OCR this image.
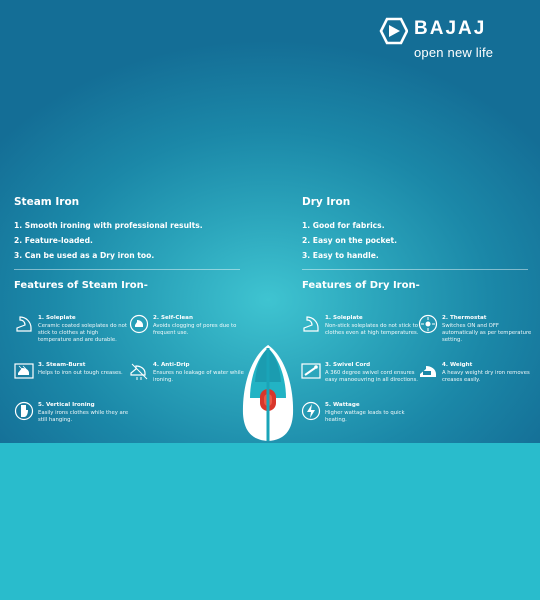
BAJAJ
open new life
Steam Iron
1. Smooth ironing with professional results.
2. Feature-loaded.
3. Can be used as a Dry iron too.
Features of Steam Iron-
1. Soleplate
Ceramic coated soleplates do not stick to clothes at high temperature and are durable.
2. Self-Clean
Avoids clogging of pores due to frequent use.
3. Steam-Burst
Helps to iron out tough creases.
4. Anti-Drip
Ensures no leakage of water while ironing.
5. Vertical Ironing
Easily irons clothes while they are still hanging.
Dry Iron
1. Good for fabrics.
2. Easy on the pocket.
3. Easy to handle.
Features of Dry Iron-
1. Soleplate
Non-stick soleplates do not stick to clothes even at high temperatures.
2. Thermostat
Switches ON and OFF automatically as per temperature setting.
3. Swivel Cord
A 360 degree swivel cord ensures easy manoeuvring in all directions.
4. Weight
A heavy weight dry iron removes creases easily.
5. Wattage
Higher wattage leads to quick heating.
